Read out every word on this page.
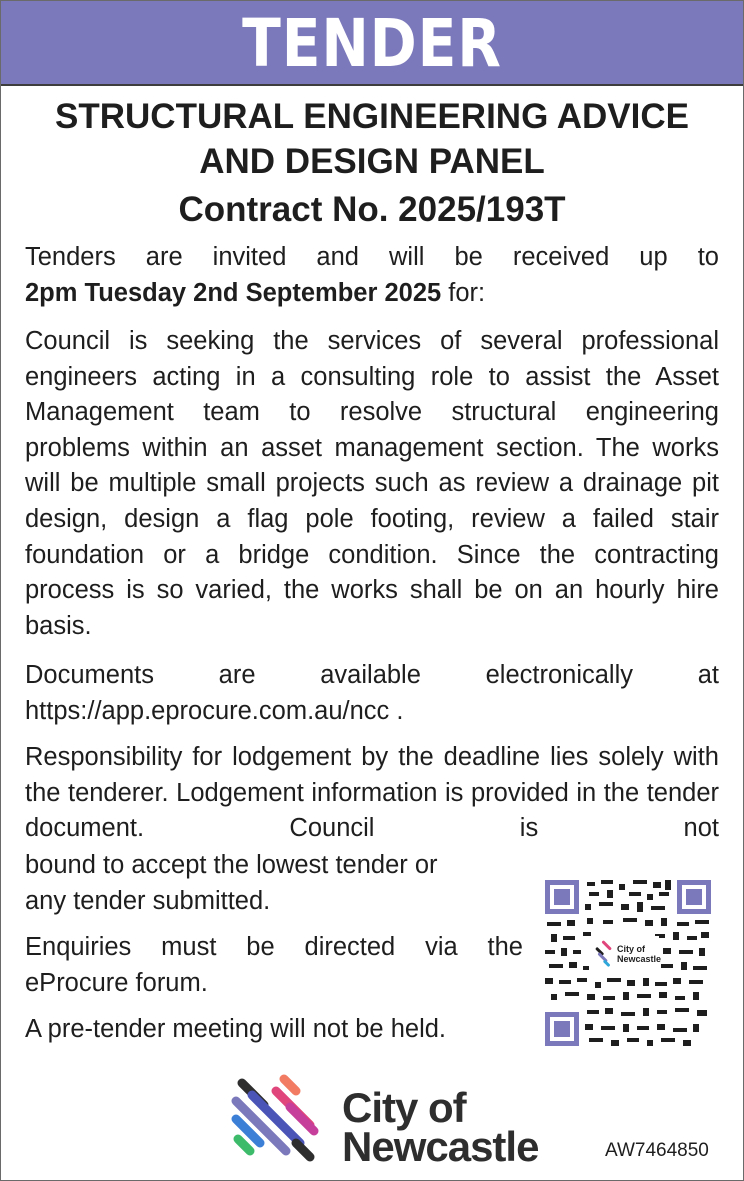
TENDER
STRUCTURAL ENGINEERING ADVICE
AND DESIGN PANEL
Contract No. 2025/193T
Tenders are invited and will be received up to
2pm Tuesday 2nd September 2025 for:
Council is seeking the services of several professional engineers acting in a consulting role to assist the Asset Management team to resolve structural engineering problems within an asset management section. The works will be multiple small projects such as review a drainage pit design, design a flag pole footing, review a failed stair foundation or a bridge condition. Since the contracting process is so varied, the works shall be on an hourly hire basis.
Documents are available electronically at
https://app.eprocure.com.au/ncc .
Responsibility for lodgement by the deadline lies solely with the tenderer. Lodgement information is provided in the tender document. Council is not
bound to accept the lowest tender or
any tender submitted.
Enquiries must be directed via the
eProcure forum.
A pre-tender meeting will not be held.
City of
Newcastle
City of
Newcastle	AW7464850
